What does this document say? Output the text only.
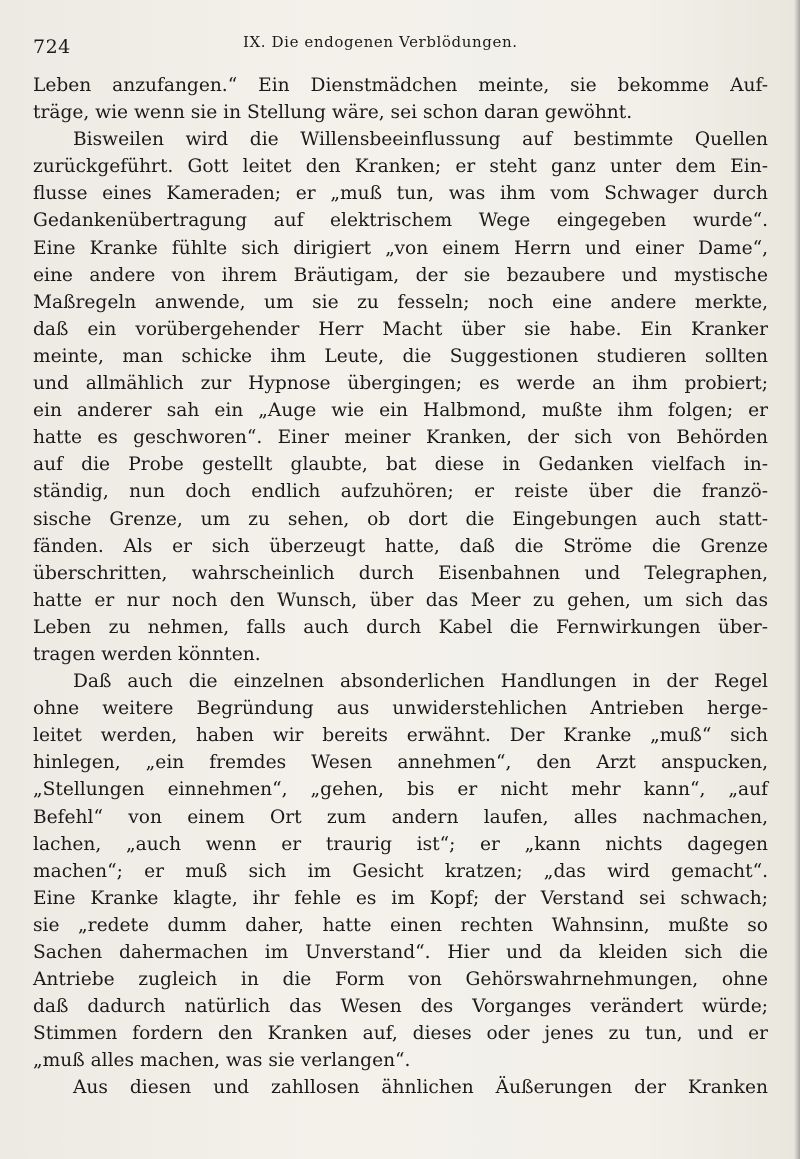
724	IX. Die endogenen Verblödungen.
Leben anzufangen.“ Ein Dienstmädchen meinte, sie bekomme Auf-
träge, wie wenn sie in Stellung wäre, sei schon daran gewöhnt.
Bisweilen wird die Willensbeeinflussung auf bestimmte Quellen
zurückgeführt. Gott leitet den Kranken; er steht ganz unter dem Ein-
flusse eines Kameraden; er „muß tun, was ihm vom Schwager durch
Gedankenübertragung auf elektrischem Wege eingegeben wurde“.
Eine Kranke fühlte sich dirigiert „von einem Herrn und einer Dame“,
eine andere von ihrem Bräutigam, der sie bezaubere und mystische
Maßregeln anwende, um sie zu fesseln; noch eine andere merkte,
daß ein vorübergehender Herr Macht über sie habe. Ein Kranker
meinte, man schicke ihm Leute, die Suggestionen studieren sollten
und allmählich zur Hypnose übergingen; es werde an ihm probiert;
ein anderer sah ein „Auge wie ein Halbmond, mußte ihm folgen; er
hatte es geschworen“. Einer meiner Kranken, der sich von Behörden
auf die Probe gestellt glaubte, bat diese in Gedanken vielfach in-
ständig, nun doch endlich aufzuhören; er reiste über die franzö-
sische Grenze, um zu sehen, ob dort die Eingebungen auch statt-
fänden. Als er sich überzeugt hatte, daß die Ströme die Grenze
überschritten, wahrscheinlich durch Eisenbahnen und Telegraphen,
hatte er nur noch den Wunsch, über das Meer zu gehen, um sich das
Leben zu nehmen, falls auch durch Kabel die Fernwirkungen über-
tragen werden könnten.
Daß auch die einzelnen absonderlichen Handlungen in der Regel
ohne weitere Begründung aus unwiderstehlichen Antrieben herge-
leitet werden, haben wir bereits erwähnt. Der Kranke „muß“ sich
hinlegen, „ein fremdes Wesen annehmen“, den Arzt anspucken,
„Stellungen einnehmen“, „gehen, bis er nicht mehr kann“, „auf
Befehl“ von einem Ort zum andern laufen, alles nachmachen,
lachen, „auch wenn er traurig ist“; er „kann nichts dagegen
machen“; er muß sich im Gesicht kratzen; „das wird gemacht“.
Eine Kranke klagte, ihr fehle es im Kopf; der Verstand sei schwach;
sie „redete dumm daher, hatte einen rechten Wahnsinn, mußte so
Sachen dahermachen im Unverstand“. Hier und da kleiden sich die
Antriebe zugleich in die Form von Gehörswahrnehmungen, ohne
daß dadurch natürlich das Wesen des Vorganges verändert würde;
Stimmen fordern den Kranken auf, dieses oder jenes zu tun, und er
„muß alles machen, was sie verlangen“.
Aus diesen und zahllosen ähnlichen Äußerungen der Kranken
